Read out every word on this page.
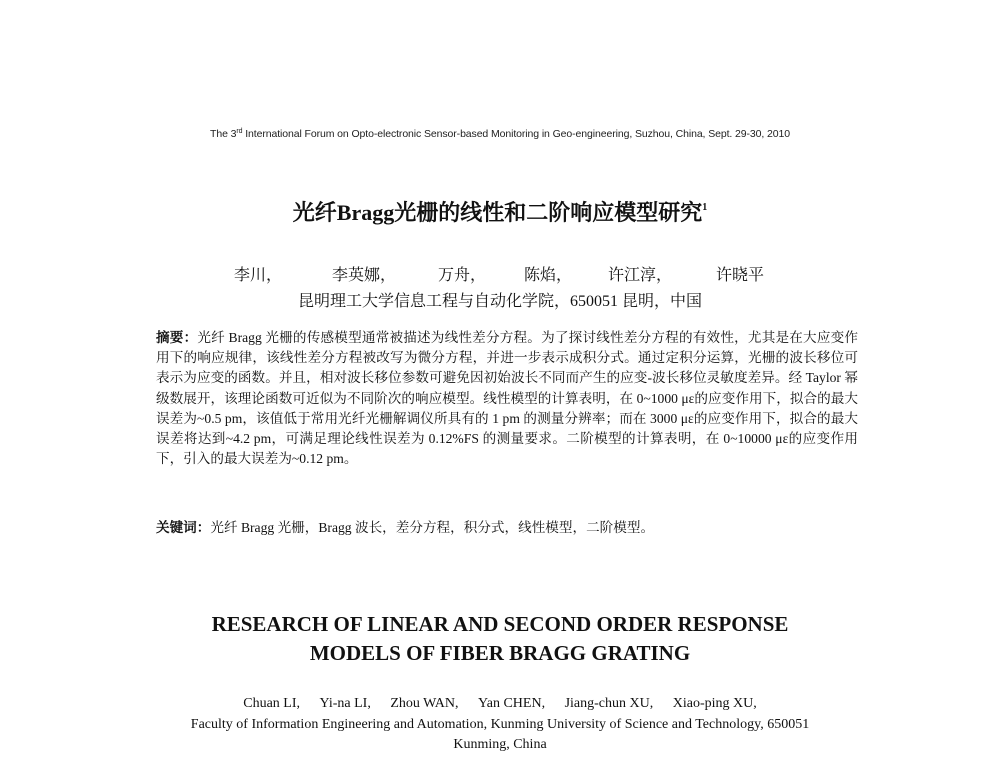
The 3rd International Forum on Opto-electronic Sensor-based Monitoring in Geo-engineering, Suzhou, China, Sept. 29-30, 2010
光纤Bragg光栅的线性和二阶响应模型研究$^1$
李川，	李英娜，	万舟， 陈焰， 许江淳，	许晓平
昆明理工大学信息工程与自动化学院，650051 昆明，中国
摘要：光纤 Bragg 光栅的传感模型通常被描述为线性差分方程。为了探讨线性差分方程的有效性，尤其是在大应变作用下的响应规律，该线性差分方程被改写为微分方程，并进一步表示成积分式。通过定积分运算，光栅的波长移位可表示为应变的函数。并且，相对波长移位参数可避免因初始波长不同而产生的应变-波长移位灵敏度差异。经 Taylor 幂级数展开，该理论函数可近似为不同阶次的响应模型。线性模型的计算表明，在 0~1000 με的应变作用下，拟合的最大误差为~0.5 pm，该值低于常用光纤光栅解调仪所具有的 1 pm 的测量分辨率；而在 3000 με的应变作用下，拟合的最大误差将达到~4.2 pm，可满足理论线性误差为 0.12%FS 的测量要求。二阶模型的计算表明，在 0~10000 με的应变作用下，引入的最大误差为~0.12 pm。
关键词：光纤 Bragg 光栅，Bragg 波长，差分方程，积分式，线性模型，二阶模型。
RESEARCH OF LINEAR AND SECOND ORDER RESPONSE
MODELS OF FIBER BRAGG GRATING
Chuan LI, Yi-na LI, Zhou WAN, Yan CHEN, Jiang-chun XU, Xiao-ping XU,
Faculty of Information Engineering and Automation, Kunming University of Science and Technology, 650051
Kunming, China
